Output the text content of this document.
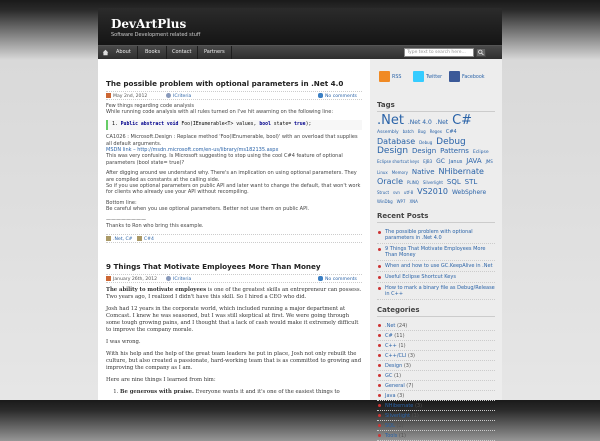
DevArtPlus
Software Development related stuff
About	Books	Contact	Partners	Type text to search here...
The possible problem with optional parameters in .Net 4.0
May 2nd, 2012	ICriteria	No comments

Few things regarding code analysis
While running code analysis with all rules turned on I've hit awarning on the following line:

1. Public abstract void Foo(IEnumerable<T> values, bool state= true);

CA1026 : Microsoft.Design : Replace method 'Foo(IEnumerable, bool)' with an overload that supplies all default arguments.
MSDN link – http://msdn.microsoft.com/en-us/library/ms182135.aspx
This was very confusing. Is Microsoft suggesting to stop using the cool C#4 feature of optional parameters (bool state= true)?

After digging around we understand why. There's an implication on using optional parameters. They are compiled as constants at the calling side.
So if you use optional parameters on public API and later want to change the default, that won't work for clients who already use your API without recompiling.

Bottom line:
Be careful when you use optional parameters. Better not use them on public API.

————————
Thanks to Ron who bring this example.

.Net, C# C#4
9 Things That Motivate Employees More Than Money
January 26th, 2012	ICriteria	No comments

The ability to motivate employees is one of the greatest skills an entrepreneur can possess. Two years ago, I realized I didn't have this skill. So I hired a CEO who did.

Josh had 12 years in the corporate world, which included running a major department at Comcast. I knew he was seasoned, but I was still skeptical at first. We were going through some tough growing pains, and I thought that a lack of cash would make it extremely difficult to improve the company morale.

I was wrong.

With his help and the help of the great team leaders he put in place, Josh not only rebuilt the culture, but also created a passionate, hard-working team that is as committed to growing and improving the company as I am.

Here are nine things I learned from him:

1. Be generous with praise. Everyone wants it and it's one of the easiest things to
RSS	Twitter	Facebook
Tags
.Net .Net 4.0 .Net C# Assembly batch Bug Regex C#4 Database Debug Debug Design Design Patterns Eclipse Eclipse shortcut keys EJB3 GC Janus JAVA JMS Linux Memory Native NHibernate Oracle PLINQ Silverlight SQL STL Struct svn utf-8 VS2010 WebSphere WinDbg WP7 XNA
Recent Posts
The possible problem with optional parameters in .Net 4.0
9 Things That Motivate Employees More Than Money
When and how to use GC.KeepAlive in .Net
Useful Eclipse Shortcut Keys
How to mark a binary file as Debug/Release in C++
Categories
.Net (24)
C# (11)
C++ (1)
C++/CLI (3)
Design (3)
GC (1)
General (7)
Java (3)
NHibernate (3)
Silverlight (1)
SQL (2)
Tools (1)
